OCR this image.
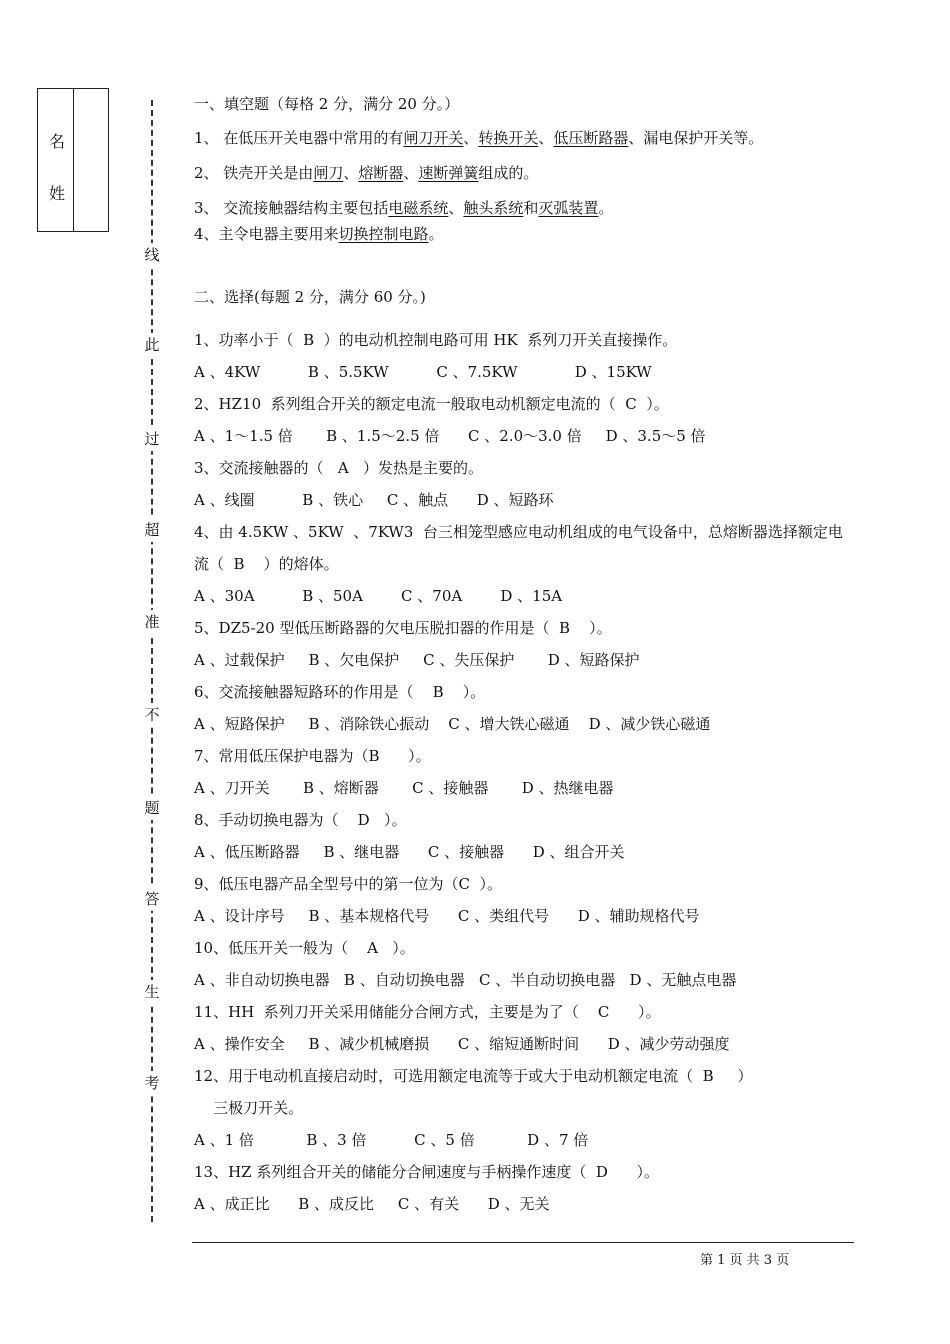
名
姓
线
此
过
超
准
不
题
答
生
考
一、填空题（每格 2 分，满分 20 分。）
1、 在低压开关电器中常用的有闸刀开关、转换开关、低压断路器、漏电保护开关等。
2、 铁壳开关是由闸刀、熔断器、速断弹簧组成的。
3、 交流接触器结构主要包括电磁系统、触头系统和灭弧装置。
4、主令电器主要用来切换控制电路。
二、选择(每题 2 分，满分 60 分。)
1、功率小于（  B  ）的电动机控制电路可用 HK  系列刀开关直接操作。
A 、4KW          B 、5.5KW          C 、7.5KW            D 、15KW
2、HZ10  系列组合开关的额定电流一般取电动机额定电流的（  C  ）。
A 、1～1.5 倍       B 、1.5～2.5 倍      C 、2.0～3.0 倍     D 、3.5～5 倍
3、交流接触器的（   A   ）发热是主要的。
A 、线圈          B 、铁心     C 、触点      D 、短路环
4、由 4.5KW 、5KW  、7KW3  台三相笼型感应电动机组成的电气设备中，总熔断器选择额定电
流（  B    ）的熔体。
A 、30A          B 、50A        C 、70A        D 、15A
5、DZ5-20 型低压断路器的欠电压脱扣器的作用是（  B    ）。
A 、过载保护     B 、欠电保护     C 、失压保护       D 、短路保护
6、交流接触器短路环的作用是（    B    ）。
A 、短路保护     B 、消除铁心振动    C 、增大铁心磁通    D 、减少铁心磁通
7、常用低压保护电器为（B      ）。
A 、刀开关       B 、熔断器       C 、接触器       D 、热继电器
8、手动切换电器为（    D   ）。
A 、低压断路器     B 、继电器      C 、接触器      D 、组合开关
9、低压电器产品全型号中的第一位为（C  ）。
A 、设计序号     B 、基本规格代号      C 、类组代号      D 、辅助规格代号
10、低压开关一般为（    A   ）。
A 、非自动切换电器   B 、自动切换电器   C 、半自动切换电器   D 、无触点电器
11、HH  系列刀开关采用储能分合闸方式，主要是为了（    C      ）。
A 、操作安全     B 、减少机械磨损      C 、缩短通断时间      D 、减少劳动强度
12、用于电动机直接启动时，可选用额定电流等于或大于电动机额定电流（  B     ）
三极刀开关。
A 、1 倍           B 、3 倍          C 、5 倍           D 、7 倍
13、HZ 系列组合开关的储能分合闸速度与手柄操作速度（  D      ）。
A 、成正比      B 、成反比     C 、有关      D 、无关
第 1 页 共 3 页
